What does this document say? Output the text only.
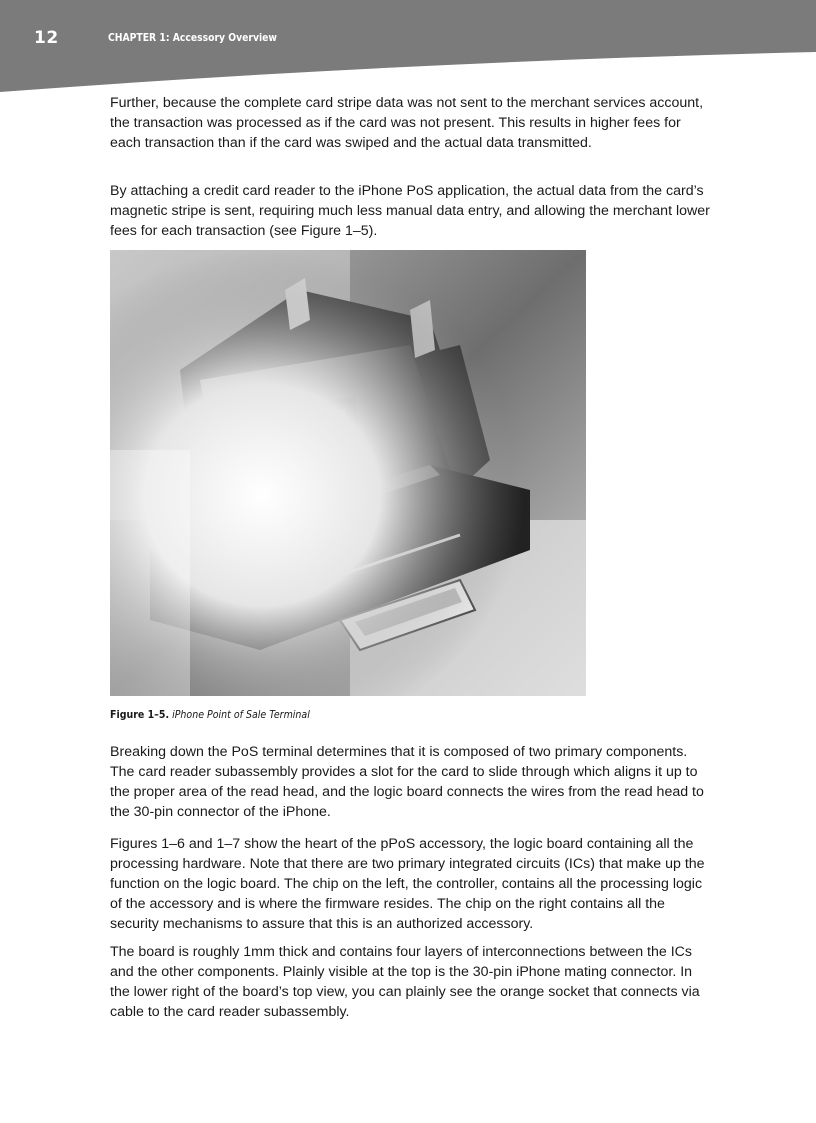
12	CHAPTER 1: Accessory Overview

Further, because the complete card stripe data was not sent to the merchant services account, the transaction was processed as if the card was not present. This results in higher fees for each transaction than if the card was swiped and the actual data transmitted.

By attaching a credit card reader to the iPhone PoS application, the actual data from the card’s magnetic stripe is sent, requiring much less manual data entry, and allowing the merchant lower fees for each transaction (see Figure 1–5).

Figure 1–5. iPhone Point of Sale Terminal

Breaking down the PoS terminal determines that it is composed of two primary components. The card reader subassembly provides a slot for the card to slide through which aligns it up to the proper area of the read head, and the logic board connects the wires from the read head to the 30-pin connector of the iPhone.

Figures 1–6 and 1–7 show the heart of the pPoS accessory, the logic board containing all the processing hardware. Note that there are two primary integrated circuits (ICs) that make up the function on the logic board. The chip on the left, the controller, contains all the processing logic of the accessory and is where the firmware resides. The chip on the right contains all the security mechanisms to assure that this is an authorized accessory.

The board is roughly 1mm thick and contains four layers of interconnections between the ICs and the other components. Plainly visible at the top is the 30-pin iPhone mating connector. In the lower right of the board’s top view, you can plainly see the orange socket that connects via cable to the card reader subassembly.
